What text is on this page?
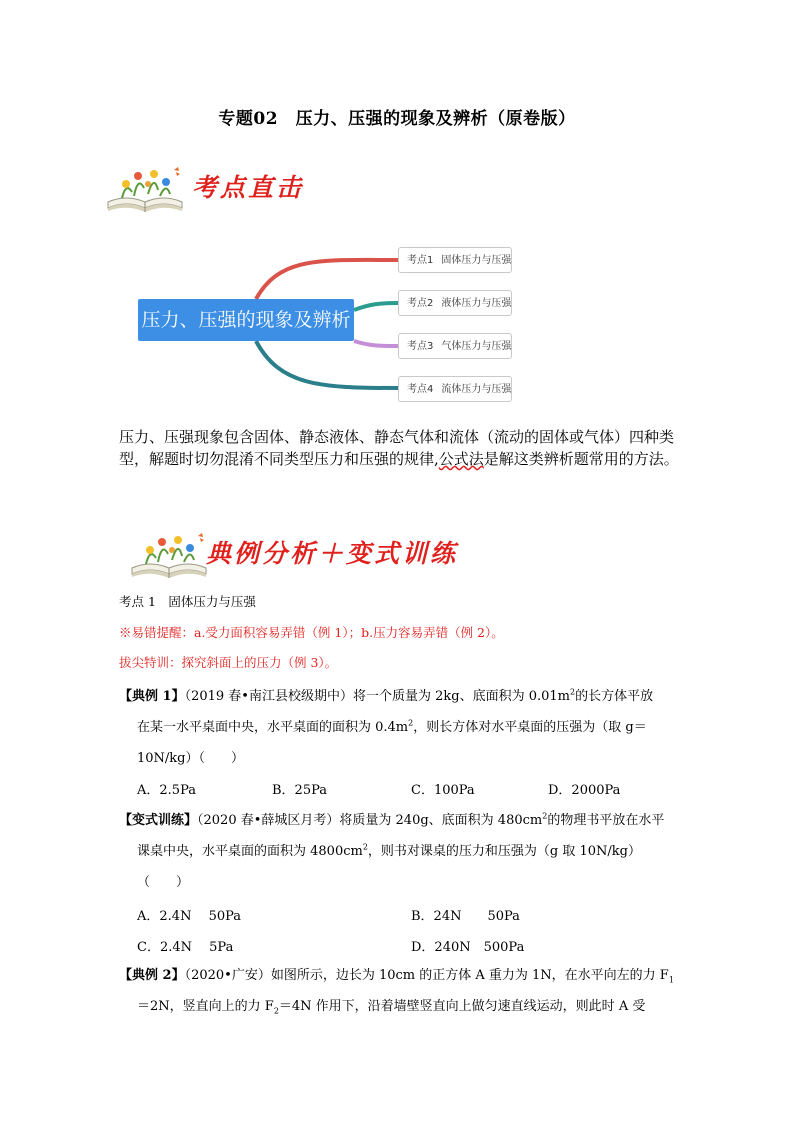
专题02　压力、压强的现象及辨析（原卷版）
考点直击
压力、压强的现象及辨析
考点1 固体压力与压强
考点2 液体压力与压强
考点3 气体压力与压强
考点4 流体压力与压强
压力、压强现象包含固体、静态液体、静态气体和流体（流动的固体或气体）四种类型，解题时切勿混淆不同类型压力和压强的规律,公式法是解这类辨析题常用的方法。
典例分析＋变式训练
考点 1　固体压力与压强
※易错提醒：a.受力面积容易弄错（例 1）；b.压力容易弄错（例 2）。
拔尖特训：探究斜面上的压力（例 3）。
【典例 1】（2019 春•南江县校级期中）将一个质量为 2kg、底面积为 $0.01m^2$的长方体平放
在某一水平桌面中央，水平桌面的面积为 $0.4m^2$，则长方体对水平桌面的压强为（取 g＝
10N/kg）（　　）
A．2.5Pa	B．25Pa	C．100Pa	D．2000Pa
【变式训练】（2020 春•薛城区月考）将质量为 240g、底面积为 $480cm^2$的物理书平放在水平
课桌中央，水平桌面的面积为 $4800cm^2$，则书对课桌的压力和压强为（g 取 10N/kg）
（　　）
A．2.4N　 50Pa	B．24N　　50Pa
C．2.4N　 5Pa	D．240N　500Pa
【典例 2】（2020•广安）如图所示，边长为 10cm 的正方体 A 重力为 1N，在水平向左的力 $F_1$
＝2N，竖直向上的力 $F_2=4N$ 作用下，沿着墙壁竖直向上做匀速直线运动，则此时 A 受
